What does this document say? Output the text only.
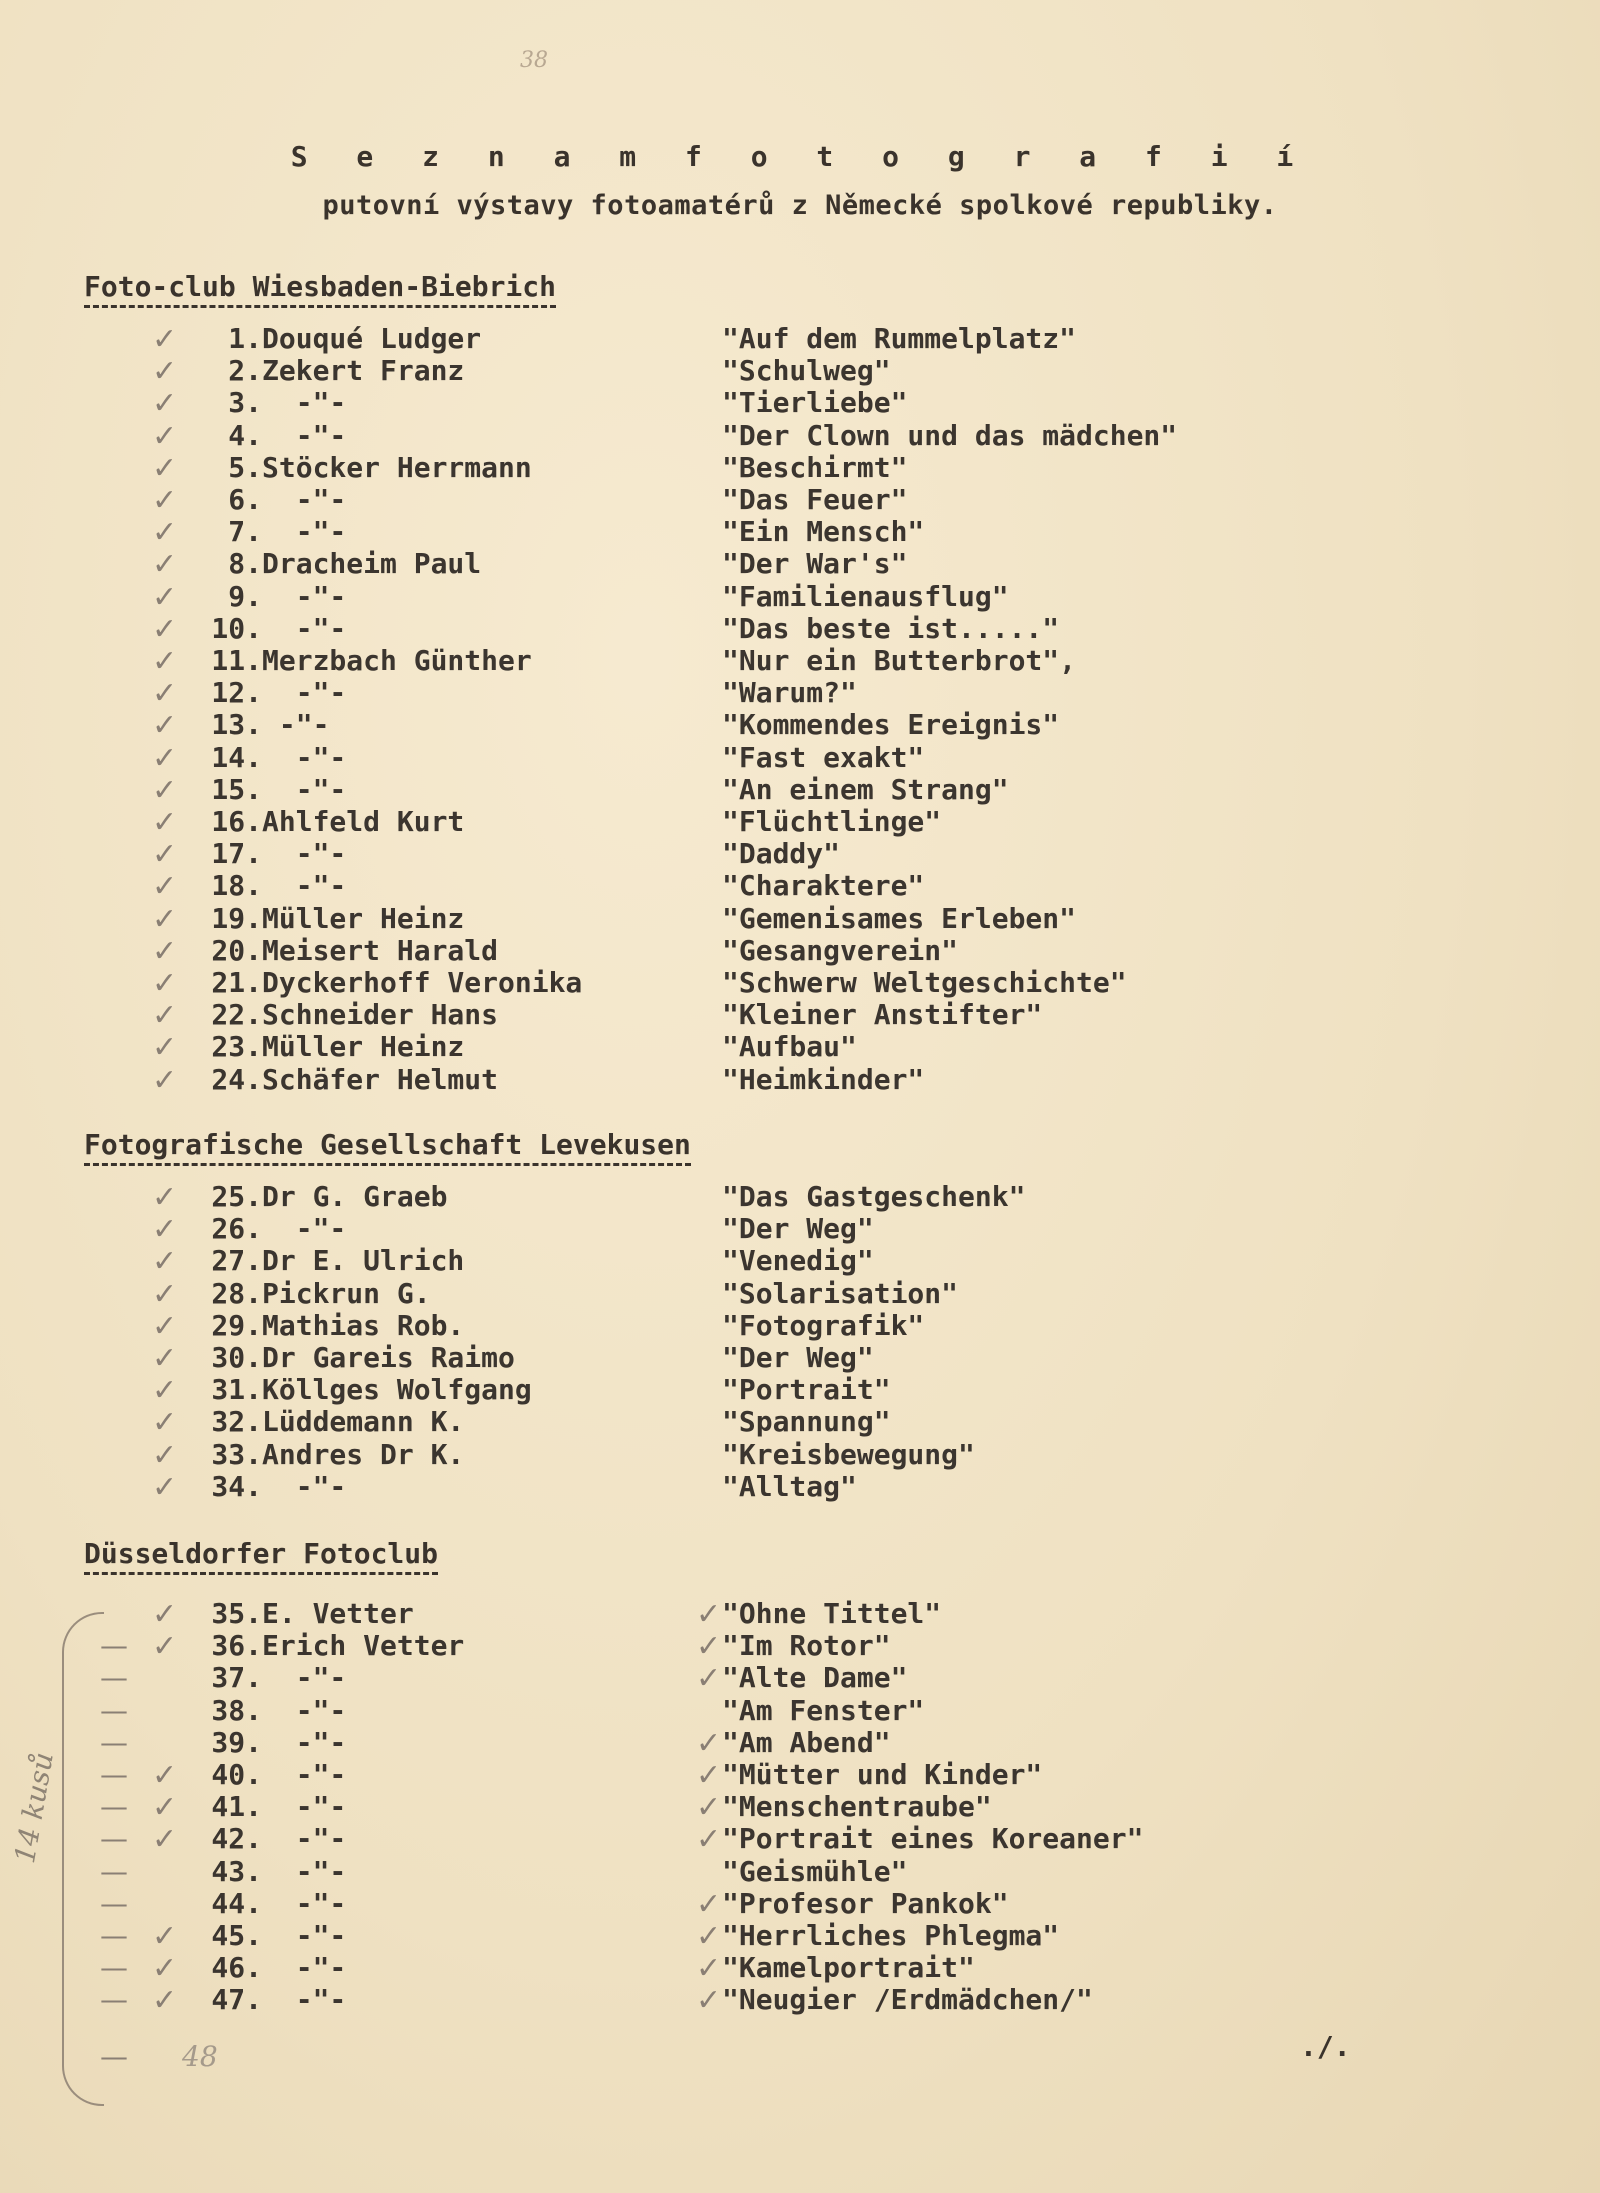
38
S e z n a m f o t o g r a f i í
putovní výstavy fotoamatérů z Německé spolkové republiky.
Foto-club Wiesbaden-Biebrich
✓	1. Douqué Ludger	"Auf dem Rummelplatz"
✓	2. Zekert Franz	"Schulweg"
✓	3. -"-	"Tierliebe"
✓	4. -"-	"Der Clown und das mädchen"
✓	5. Stöcker Herrmann	"Beschirmt"
✓	6. -"-	"Das Feuer"
✓	7. -"-	"Ein Mensch"
✓	8. Dracheim Paul	"Der War's"
✓	9. -"-	"Familienausflug"
✓	10. -"-	"Das beste ist....."
✓	11. Merzbach Günther	"Nur ein Butterbrot",
✓	12. -"-	"Warum?"
✓	13. -"-	"Kommendes Ereignis"
✓	14. -"-	"Fast exakt"
✓	15. -"-	"An einem Strang"
✓	16. Ahlfeld Kurt	"Flüchtlinge"
✓	17. -"-	"Daddy"
✓	18. -"-	"Charaktere"
✓	19. Müller Heinz	"Gemenisames Erleben"
✓	20. Meisert Harald	"Gesangverein"
✓	21. Dyckerhoff Veronika	"Schwerw Weltgeschichte"
✓	22. Schneider Hans	"Kleiner Anstifter"
✓	23. Müller Heinz	"Aufbau"
✓	24. Schäfer Helmut	"Heimkinder"
Fotografische Gesellschaft Levekusen
✓	25. Dr G. Graeb	"Das Gastgeschenk"
✓	26. -"-	"Der Weg"
✓	27. Dr E. Ulrich	"Venedig"
✓	28. Pickrun G.	"Solarisation"
✓	29. Mathias Rob.	"Fotografik"
✓	30. Dr Gareis Raimo	"Der Weg"
✓	31. Köllges Wolfgang	"Portrait"
✓	32. Lüddemann K.	"Spannung"
✓	33. Andres Dr K.	"Kreisbewegung"
✓	34. -"-	"Alltag"
Düsseldorfer Fotoclub
✓	35. E. Vetter	✓ "Ohne Tittel"
— ✓	36. Erich Vetter	✓ "Im Rotor"
—	37. -"-	✓ "Alte Dame"
—	38. -"-	"Am Fenster"
—	39. -"-	✓ "Am Abend"
— ✓	40. -"-	✓ "Mütter und Kinder"
— ✓	41. -"-	✓ "Menschentraube"
— ✓	42. -"-	✓ "Portrait eines Koreaner"
—	43. -"-	"Geismühle"
—	44. -"-	✓ "Profesor Pankok"
— ✓	45. -"-	✓ "Herrliches Phlegma"
— ✓	46. -"-	✓ "Kamelportrait"
— ✓	47. -"-	✓ "Neugier /Erdmädchen/"
14 kusů
— 48	./.
